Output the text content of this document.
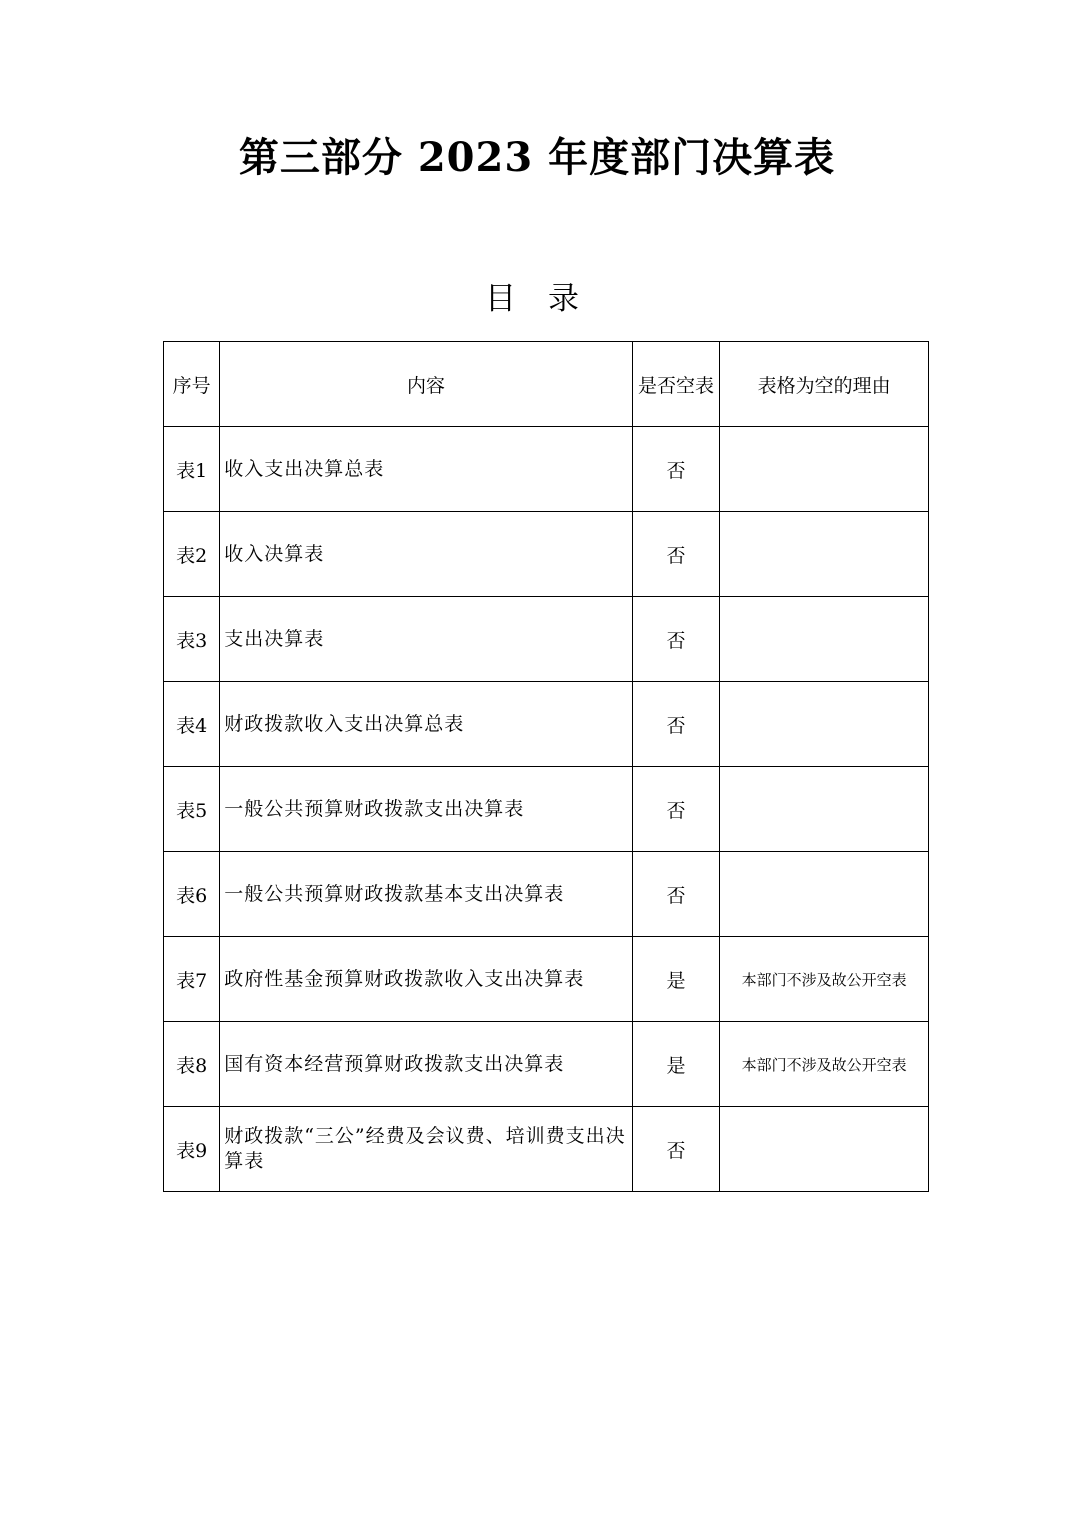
第三部分 2023 年度部门决算表
目录
序号	内容	是否空表	表格为空的理由
表1	收入支出决算总表	否	
表2	收入决算表	否	
表3	支出决算表	否	
表4	财政拨款收入支出决算总表	否	
表5	一般公共预算财政拨款支出决算表	否	
表6	一般公共预算财政拨款基本支出决算表	否	
表7	政府性基金预算财政拨款收入支出决算表	是	本部门不涉及故公开空表
表8	国有资本经营预算财政拨款支出决算表	是	本部门不涉及故公开空表
表9	财政拨款“三公”经费及会议费、培训费支出决算表	否	
